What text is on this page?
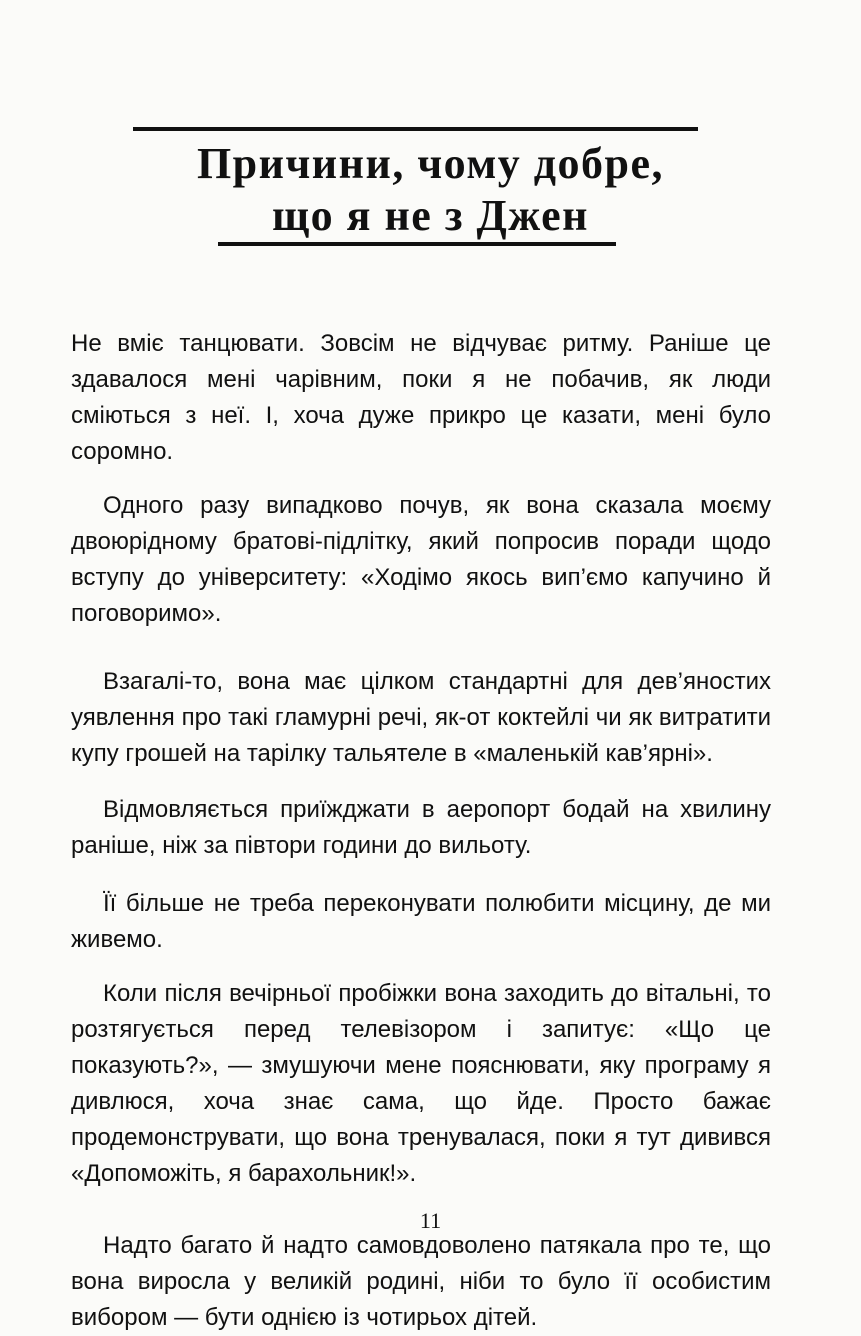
Причини, чому добре,
що я не з Джен

Не вміє танцювати. Зовсім не відчуває ритму. Раніше це здавалося мені чарівним, поки я не побачив, як люди сміються з неї. І, хоча дуже прикро це казати, мені було соромно.

Одного разу випадково почув, як вона сказала моєму двоюрідному братові-підлітку, який попросив поради щодо вступу до університету: «Ходімо якось вип’ємо капучино й поговоримо».

Взагалі-то, вона має цілком стандартні для дев’яностих уявлення про такі гламурні речі, як-от коктейлі чи як витратити купу грошей на тарілку тальятеле в «маленькій кав’ярні».

Відмовляється приїжджати в аеропорт бодай на хвилину раніше, ніж за півтори години до вильоту.

Її більше не треба переконувати полюбити місцину, де ми живемо.

Коли після вечірньої пробіжки вона заходить до вітальні, то розтягується перед телевізором і запитує: «Що це показують?», — змушуючи мене пояснювати, яку програму я дивлюся, хоча знає сама, що йде. Просто бажає продемонструвати, що вона тренувалася, поки я тут дивився «Допоможіть, я барахольник!».

Надто багато й надто самовдоволено патякала про те, що вона виросла у великій родині, ніби то було її особистим вибором — бути однією із чотирьох дітей.

11
